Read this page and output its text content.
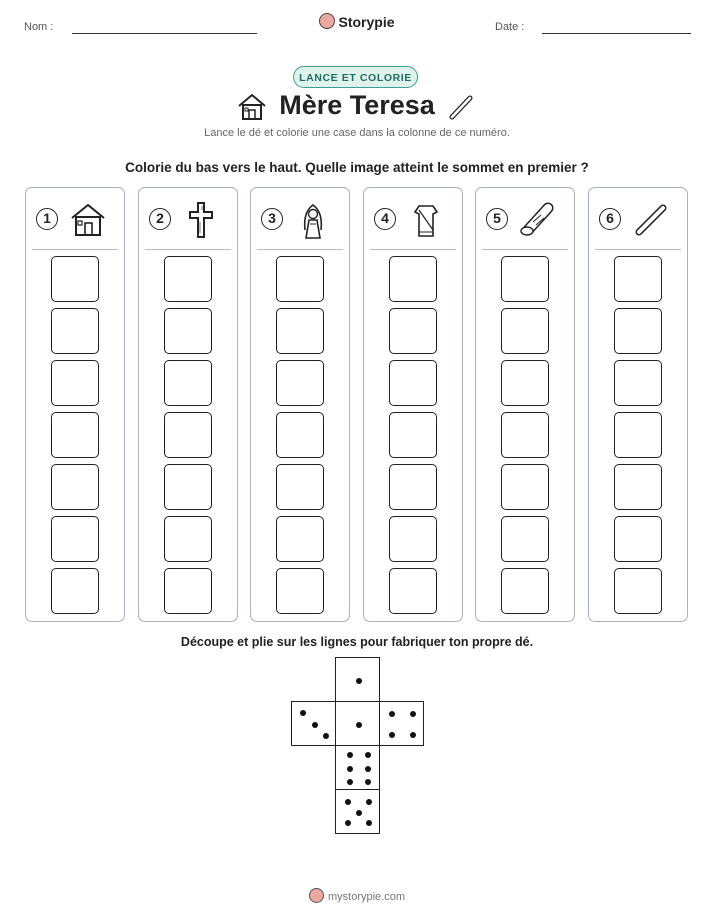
Nom :	Date :
Storypie
LANCE ET COLORIE
Mère Teresa
Lance le dé et colorie une case dans la colonne de ce numéro.
Colorie du bas vers le haut. Quelle image atteint le sommet en premier ?
1	2	3	4	5	6
Découpe et plie sur les lignes pour fabriquer ton propre dé.
mystorypie.com
